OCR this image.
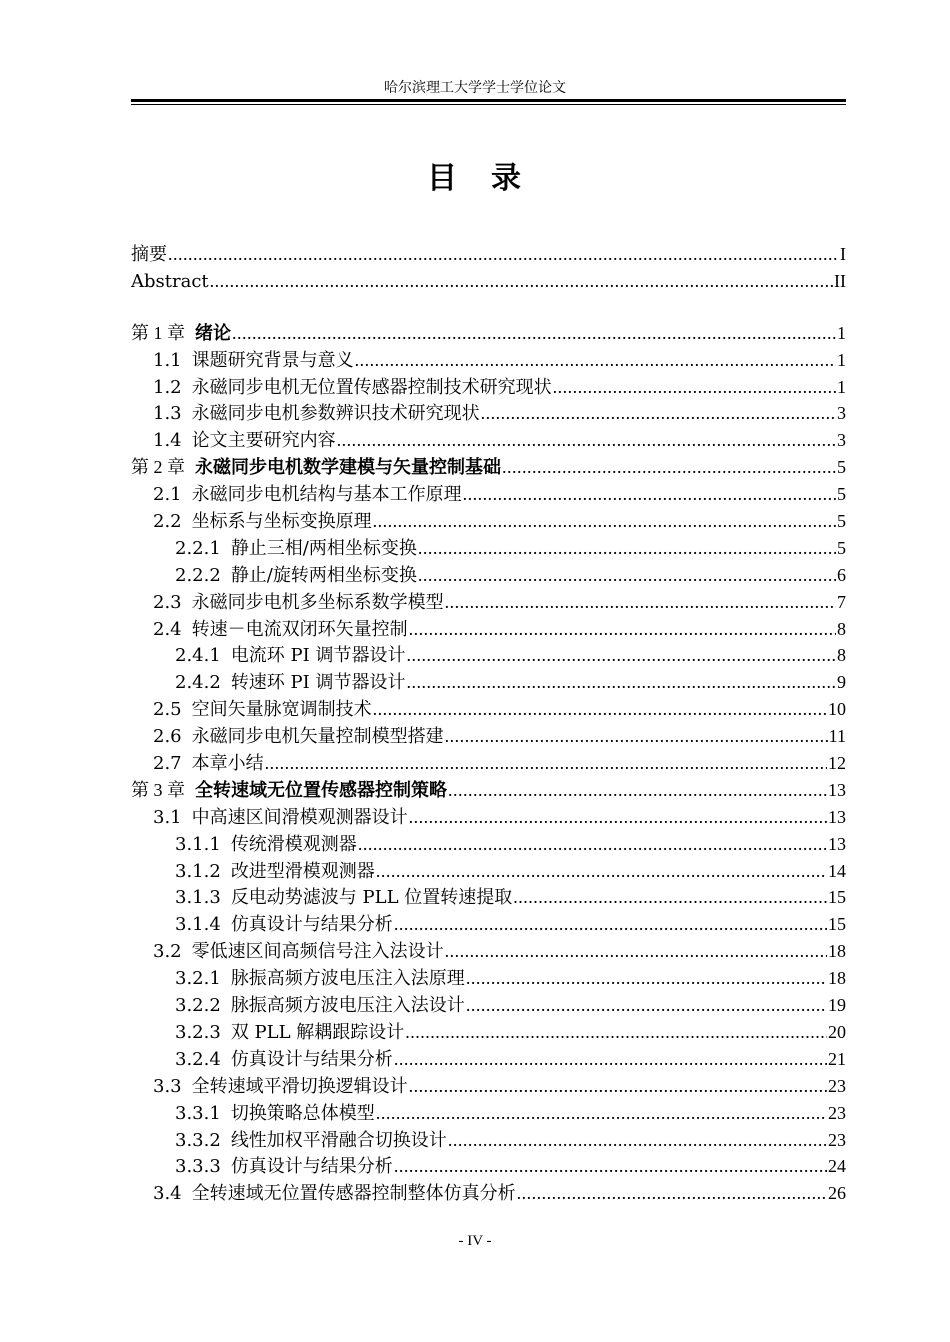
哈尔滨理工大学学士学位论文
目　录
摘要 .....	I
Abstract .....	II
第 1 章 绪论 .....	1
1.1 课题研究背景与意义 .....	1
1.2 永磁同步电机无位置传感器控制技术研究现状 .....	1
1.3 永磁同步电机参数辨识技术研究现状 .....	3
1.4 论文主要研究内容 .....	3
第 2 章 永磁同步电机数学建模与矢量控制基础 .....	5
2.1 永磁同步电机结构与基本工作原理 .....	5
2.2 坐标系与坐标变换原理 .....	5
2.2.1 静止三相/两相坐标变换 .....	5
2.2.2 静止/旋转两相坐标变换 .....	6
2.3 永磁同步电机多坐标系数学模型 .....	7
2.4 转速－电流双闭环矢量控制 .....	8
2.4.1 电流环 PI 调节器设计 .....	8
2.4.2 转速环 PI 调节器设计 .....	9
2.5 空间矢量脉宽调制技术 .....	10
2.6 永磁同步电机矢量控制模型搭建 .....	11
2.7 本章小结 .....	12
第 3 章 全转速域无位置传感器控制策略 .....	13
3.1 中高速区间滑模观测器设计 .....	13
3.1.1 传统滑模观测器 .....	13
3.1.2 改进型滑模观测器 .....	14
3.1.3 反电动势滤波与 PLL 位置转速提取 .....	15
3.1.4 仿真设计与结果分析 .....	15
3.2 零低速区间高频信号注入法设计 .....	18
3.2.1 脉振高频方波电压注入法原理 .....	18
3.2.2 脉振高频方波电压注入法设计 .....	19
3.2.3 双 PLL 解耦跟踪设计 .....	20
3.2.4 仿真设计与结果分析 .....	21
3.3 全转速域平滑切换逻辑设计 .....	23
3.3.1 切换策略总体模型 .....	23
3.3.2 线性加权平滑融合切换设计 .....	23
3.3.3 仿真设计与结果分析 .....	24
3.4 全转速域无位置传感器控制整体仿真分析 .....	26
- IV -
